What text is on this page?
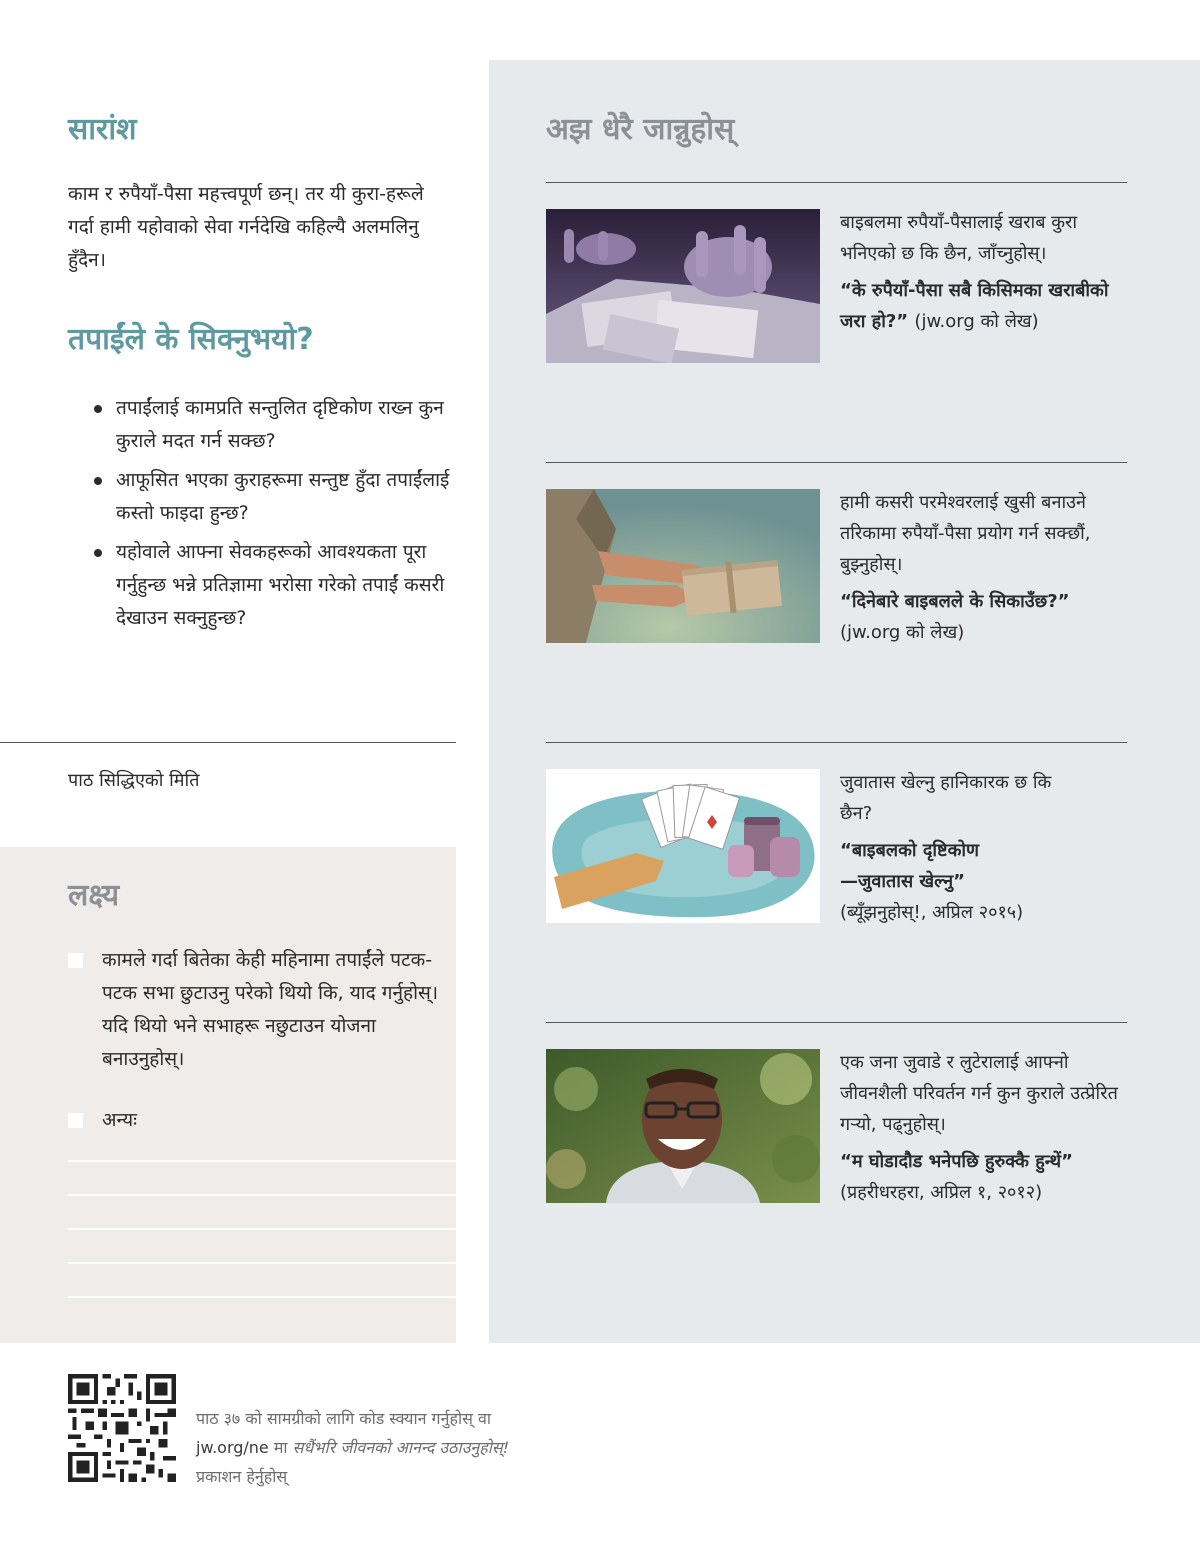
सारांश

काम र रुपैयाँ-पैसा महत्त्वपूर्ण छन्। तर यी कुरा-हरूले गर्दा हामी यहोवाको सेवा गर्नदेखि कहिल्यै अलमलिनु हुँदैन।

तपाईंले के सिक्नुभयो?
तपाईंलाई कामप्रति सन्तुलित दृष्टिकोण राख्न कुन कुराले मदत गर्न सक्छ?
आफूसित भएका कुराहरूमा सन्तुष्ट हुँदा तपाईंलाई कस्तो फाइदा हुन्छ?
यहोवाले आफ्ना सेवकहरूको आवश्यकता पूरा गर्नुहुन्छ भन्ने प्रतिज्ञामा भरोसा गरेको तपाईं कसरी देखाउन सक्नुहुन्छ?

पाठ सिद्धिएको मिति

लक्ष्य
कामले गर्दा बितेका केही महिनामा तपाईंले पटक-पटक सभा छुटाउनु परेको थियो कि, याद गर्नुहोस्। यदि थियो भने सभाहरू नछुटाउन योजना बनाउनुहोस्।
अन्यः
अझ धेरै जान्नुहोस्
बाइबलमा रुपैयाँ-पैसालाई खराब कुरा भनिएको छ कि छैन, जाँच्नुहोस्।
“के रुपैयाँ-पैसा सबै किसिमका खराबीको जरा हो?” (jw.org को लेख)
हामी कसरी परमेश्वरलाई खुसी बनाउने तरिकामा रुपैयाँ-पैसा प्रयोग गर्न सक्छौं, बुझ्नुहोस्।
“दिनेबारे बाइबलले के सिकाउँछ?”
(jw.org को लेख)
जुवातास खेल्नु हानिकारक छ कि छैन?
“बाइबलको दृष्टिकोण —जुवातास खेल्नु”
(ब्यूँझनुहोस्!, अप्रिल २०१५)
एक जना जुवाडे र लुटेरालाई आफ्नो जीवनशैली परिवर्तन गर्न कुन कुराले उत्प्रेरित गऱ्यो, पढ्नुहोस्।
“म घोडादौड भनेपछि हुरुक्कै हुन्थें”
(प्रहरीधरहरा, अप्रिल १, २०१२)
पाठ ३७ को सामग्रीको लागि कोड स्क्यान गर्नुहोस् वा
jw.org/ne मा सधैंभरि जीवनको आनन्द उठाउनुहोस्!
प्रकाशन हेर्नुहोस्
